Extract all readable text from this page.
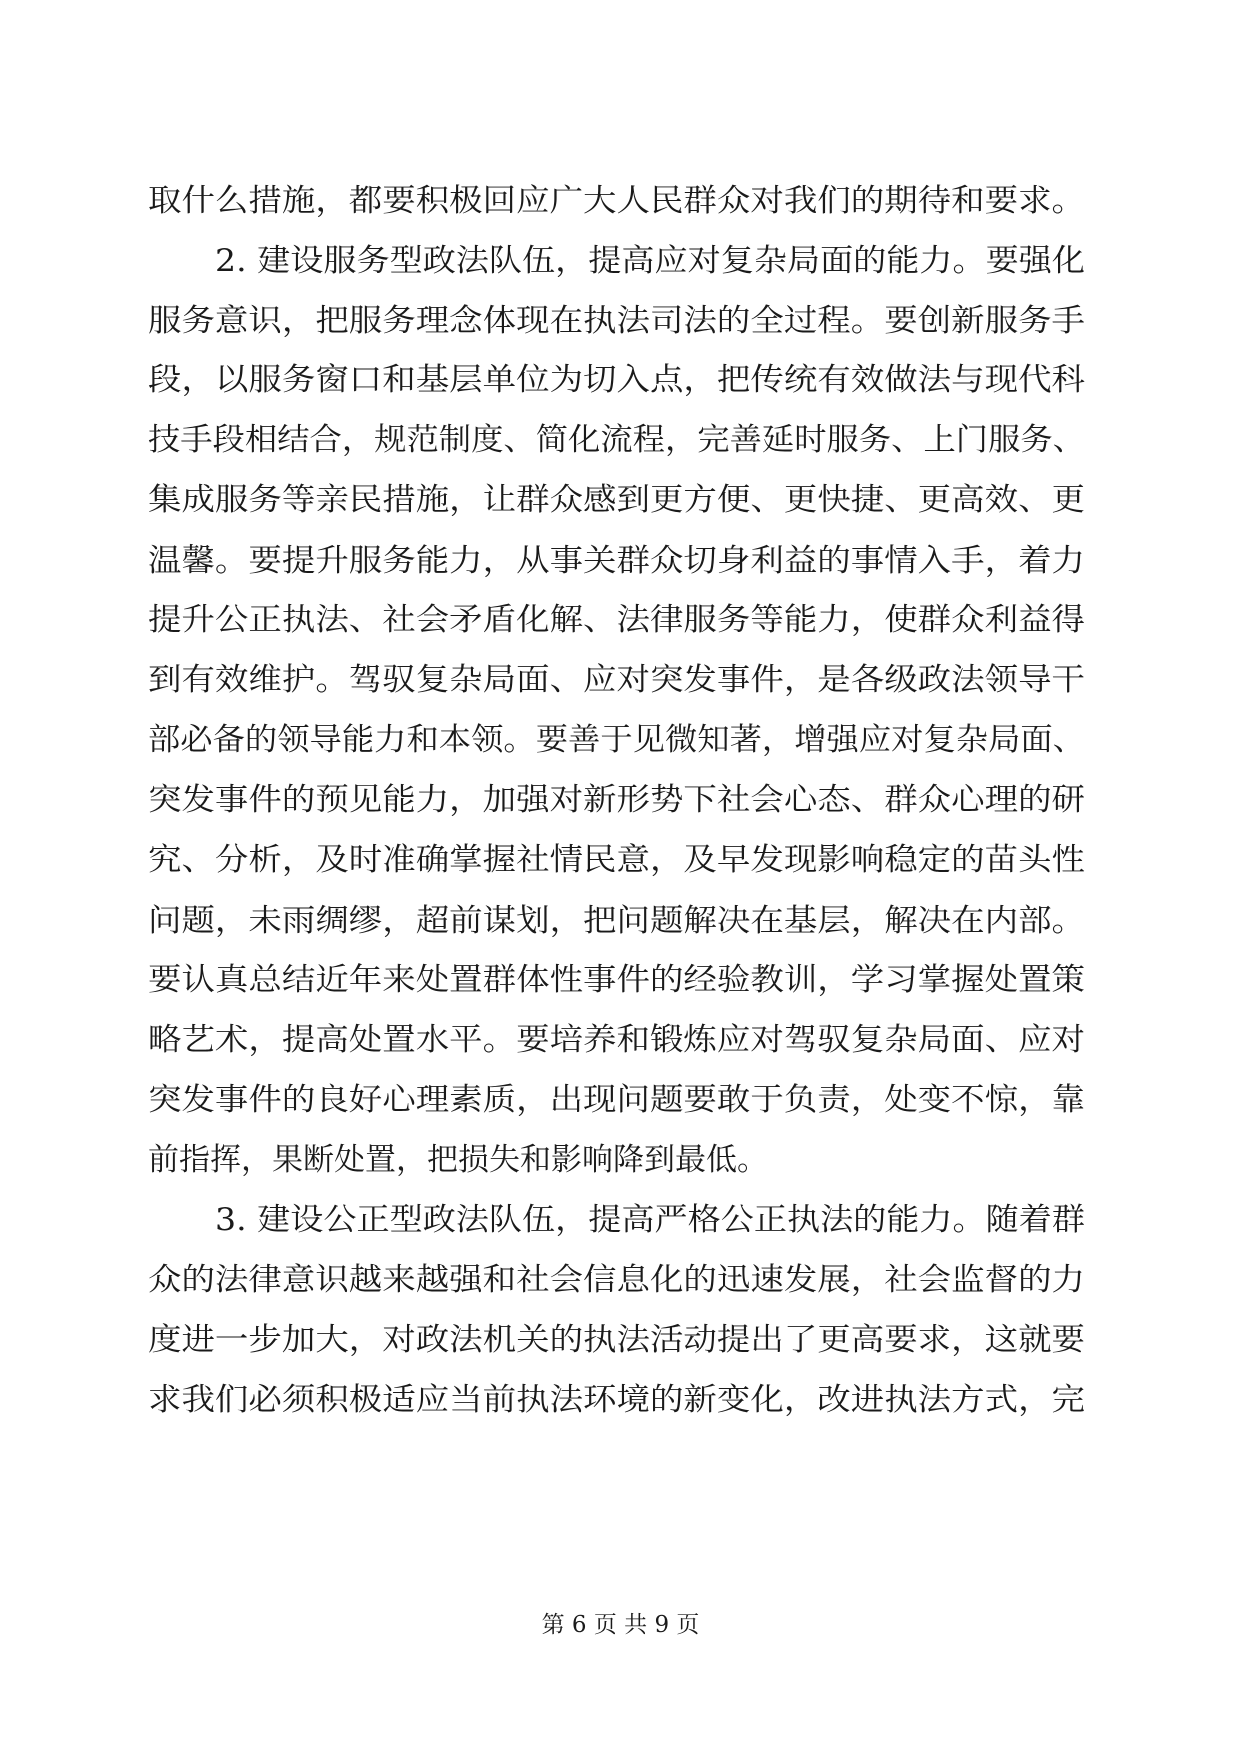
取什么措施，都要积极回应广大人民群众对我们的期待和要求。
2. 建设服务型政法队伍，提高应对复杂局面的能力。要强化
服务意识，把服务理念体现在执法司法的全过程。要创新服务手
段，以服务窗口和基层单位为切入点，把传统有效做法与现代科
技手段相结合，规范制度、简化流程，完善延时服务、上门服务、
集成服务等亲民措施，让群众感到更方便、更快捷、更高效、更
温馨。要提升服务能力，从事关群众切身利益的事情入手，着力
提升公正执法、社会矛盾化解、法律服务等能力，使群众利益得
到有效维护。驾驭复杂局面、应对突发事件，是各级政法领导干
部必备的领导能力和本领。要善于见微知著，增强应对复杂局面、
突发事件的预见能力，加强对新形势下社会心态、群众心理的研
究、分析，及时准确掌握社情民意，及早发现影响稳定的苗头性
问题，未雨绸缪，超前谋划，把问题解决在基层，解决在内部。
要认真总结近年来处置群体性事件的经验教训，学习掌握处置策
略艺术，提高处置水平。要培养和锻炼应对驾驭复杂局面、应对
突发事件的良好心理素质，出现问题要敢于负责，处变不惊，靠
前指挥，果断处置，把损失和影响降到最低。
3. 建设公正型政法队伍，提高严格公正执法的能力。随着群
众的法律意识越来越强和社会信息化的迅速发展，社会监督的力
度进一步加大，对政法机关的执法活动提出了更高要求，这就要
求我们必须积极适应当前执法环境的新变化，改进执法方式，完
第 6 页 共 9 页
